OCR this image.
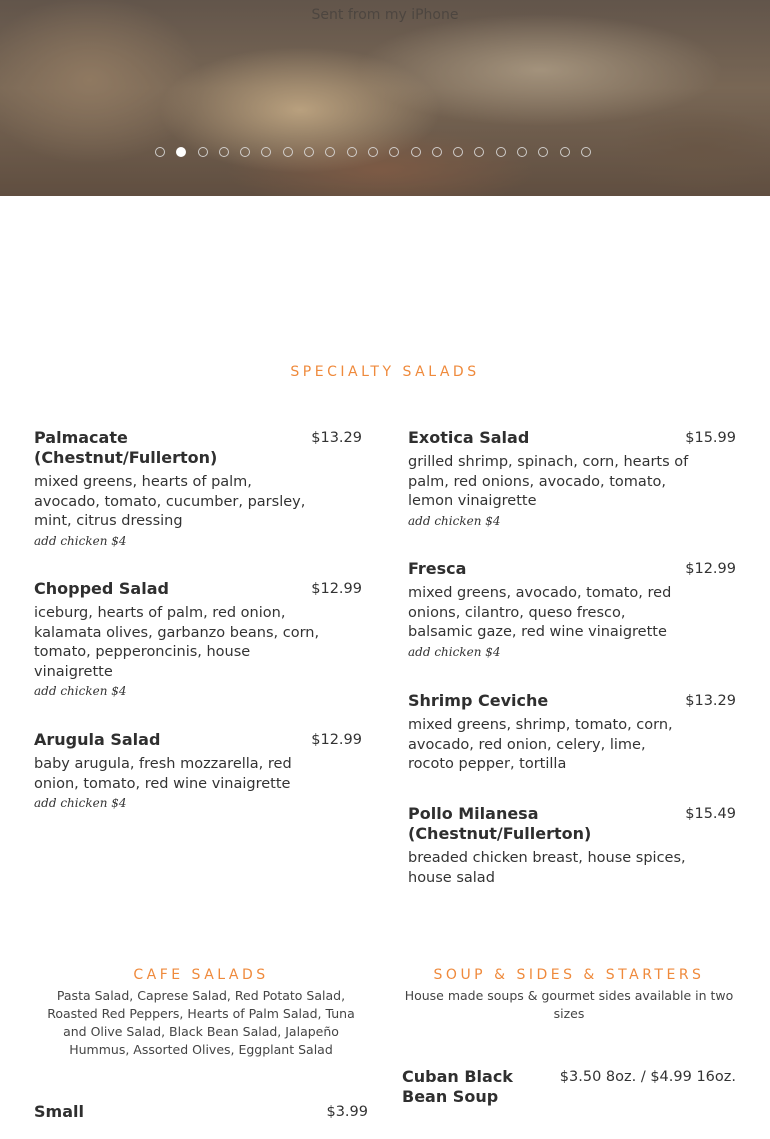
Sent from my iPhone
SPECIALTY SALADS
Palmacate (Chestnut/Fullerton)
$13.29
mixed greens, hearts of palm, avocado, tomato, cucumber, parsley, mint, citrus dressing
add chicken $4
Chopped Salad	$12.99
iceburg, hearts of palm, red onion, kalamata olives, garbanzo beans, corn, tomato, pepperoncinis, house vinaigrette
add chicken $4
Arugula Salad	$12.99
baby arugula, fresh mozzarella, red onion, tomato, red wine vinaigrette
add chicken $4
Exotica Salad	$15.99
grilled shrimp, spinach, corn, hearts of palm, red onions, avocado, tomato, lemon vinaigrette
add chicken $4
Fresca	$12.99
mixed greens, avocado, tomato, red onions, cilantro, queso fresco, balsamic gaze, red wine vinaigrette
add chicken $4
Shrimp Ceviche	$13.29
mixed greens, shrimp, tomato, corn, avocado, red onion, celery, lime, rocoto pepper, tortilla
Pollo Milanesa (Chestnut/Fullerton)
$15.49
breaded chicken breast, house spices, house salad
CAFE SALADS
Pasta Salad, Caprese Salad, Red Potato Salad, Roasted Red Peppers, Hearts of Palm Salad, Tuna and Olive Salad, Black Bean Salad, Jalapeño Hummus, Assorted Olives, Eggplant Salad
Small	$3.99
SOUP & SIDES & STARTERS
House made soups & gourmet sides available in two sizes
Cuban Black Bean Soup
$3.50 8oz. / $4.99 16oz.
